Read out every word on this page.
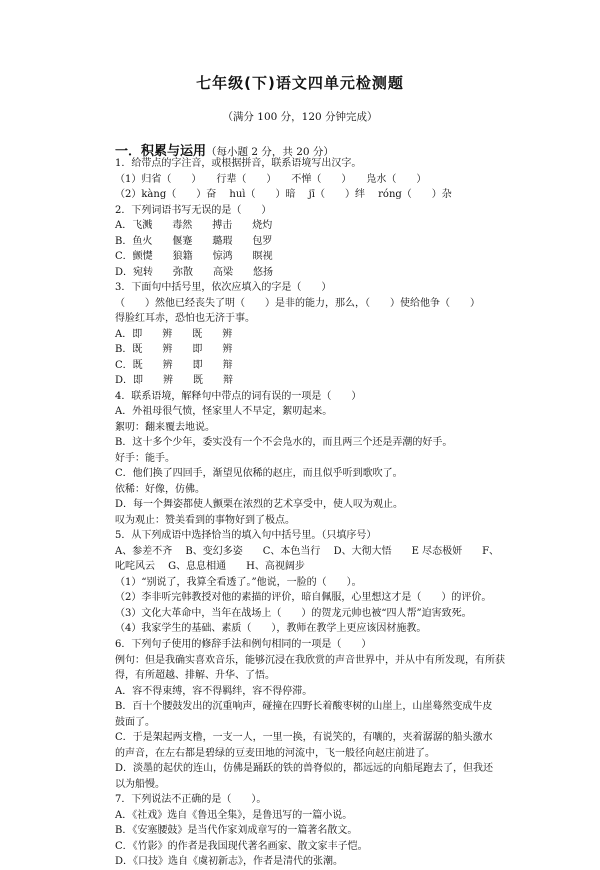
七年级(下)语文四单元检测题
（满分 100 分，120 分钟完成）
一．积累与运用（每小题 2 分，共 20 分）
1．给带点的字注音，或根据拼音，联系语境写出汉字。
（1）归省（　　）　　行辈（　　）　　不惮（　　）　　凫水（　　）
（2）kàng（　　）奋　 huì（　　）暗　 jī（　　）绊　 róng（　　）杂
2．下列词语书写无误的是（　　）
A．飞溅　　毒然　　搏击　　烧灼
B．鱼火　　偃蹇　　璐瑕　　包罗
C．颤憷　　狼籍　　惊鸿　　瞑视
D．宛转　　弥散　　高梁　　悠扬
3．下面句中括号里，依次应填入的字是（　　）
（　　）然他已经丧失了明（　　）是非的能力，那么，（　　）使给他争（　　）
得脸红耳赤，恐怕也无济于事。
A．即　　辨　　既　　辨
B．既　　辨　　即　　辨
C．既　　辨　　即　　辩
D．即　　辨　　既　　辩
4．联系语境，解释句中带点的词有误的一项是（　　）
A．外祖母很气愤，怪家里人不早定，絮叨起来。
絮叨：翻来覆去地说。
B．这十多个少年，委实没有一个不会凫水的，而且两三个还是弄潮的好手。
好手：能手。
C．他们换了四回手，渐望见依稀的赵庄，而且似乎听到歌吹了。
依稀：好像，仿佛。
D．每一个舞姿都使人颤栗在浓烈的艺术享受中，使人叹为观止。
叹为观止：赞美看到的事物好到了极点。
5．从下列成语中选择恰当的填入句中括号里。（只填序号）
A、参差不齐　 B、变幻多姿　　C、本色当行　 D、大彻大悟　　E 尽态极妍　　F、
叱咤风云　 G、息息相通　　H、高视阔步
（1）“别说了，我算全看透了。”他说，一脸的（　　）。
（2）李非听完韩教授对他的素描的评价，暗自佩服，心里想这才是（　　）的评价。
（3）文化大革命中，当年在战场上（　　）的贺龙元帅也被“四人帮”迫害致死。
（4）我家学生的基础、素质（　　），教师在教学上更应该因材施教。
6．下列句子使用的修辞手法和例句相同的一项是（　　）
例句：但是我确实喜欢音乐，能够沉浸在我欣赏的声音世界中，并从中有所发现，有所获
得，有所超越、排解、升华、了悟。
A．容不得束缚，容不得羁绊，容不得停滞。
B．百十个腰鼓发出的沉重响声，碰撞在四野长着酸枣树的山崖上，山崖蓦然变成牛皮
鼓面了。
C．于是架起两支橹，一支一人，一里一换，有说笑的，有嚷的，夹着潺潺的船头激水
的声音，在左右都是碧绿的豆麦田地的河流中，飞一般径向赵庄前进了。
D．淡墨的起伏的连山，仿佛是踊跃的铁的兽脊似的，都远远的向船尾跑去了，但我还
以为船慢。
7．下列说法不正确的是（　　）。
A．《社戏》选自《鲁迅全集》，是鲁迅写的一篇小说。
B．《安塞腰鼓》是当代作家刘成章写的一篇著名散文。
C．《竹影》的作者是我国现代著名画家、散文家丰子恺。
D．《口技》选自《虞初新志》，作者是清代的张潮。
